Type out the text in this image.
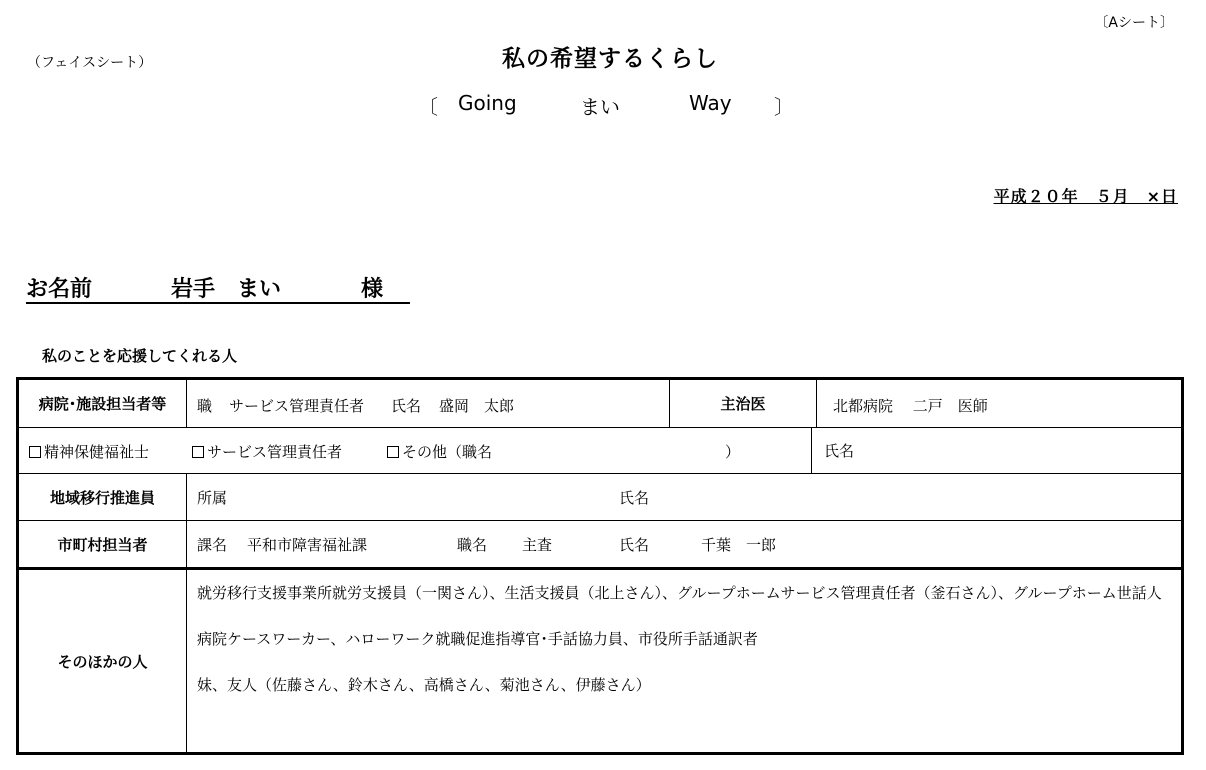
〔Aシート〕
（フェイスシート）	私の希望するくらし
〔 Going	まい	Way 〕
平成２０年　５月　×日
お名前	岩手　まい	様
私のことを応援してくれる人
病院･施設担当者等	職 サービス管理責任者 氏名 盛岡　太郎	主治医	北都病院　 二戸　医師
精神保健福祉士	サービス管理責任者	その他（職名	）	氏名
地域移行推進員	所属	氏名
市町村担当者	課名 平和市障害福祉課	職名 主査	氏名	千葉　一郎
そのほかの人
就労移行支援事業所就労支援員（一関さん）、生活支援員（北上さん）、グループホームサービス管理責任者（釜石さん）、グループホーム世話人
病院ケースワーカー、ハローワーク就職促進指導官･手話協力員、市役所手話通訳者
妹、友人（佐藤さん、鈴木さん、高橋さん、菊池さん、伊藤さん）
